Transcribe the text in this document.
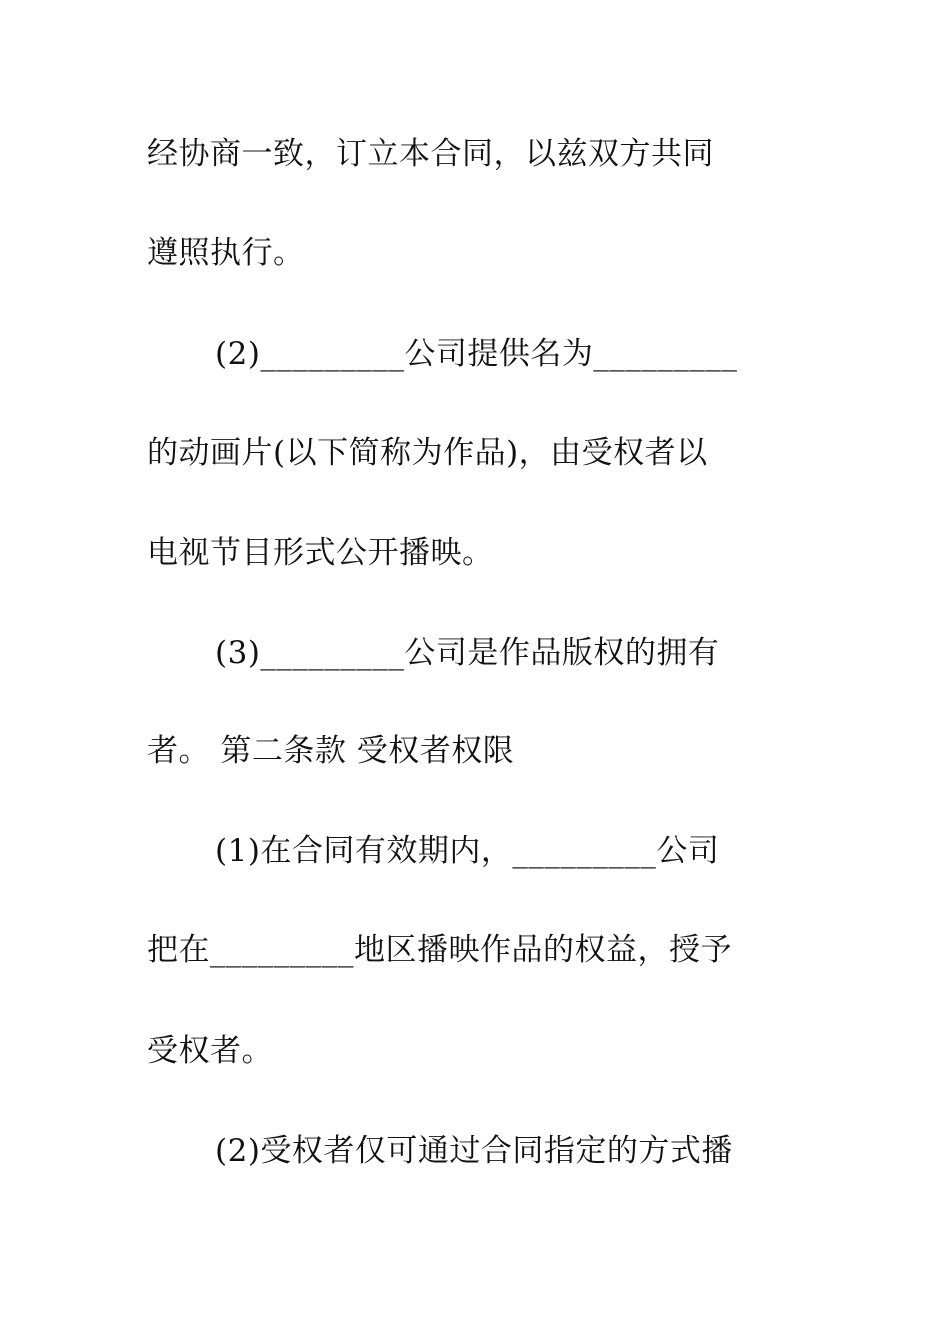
经协商一致，订立本合同，以兹双方共同
遵照执行。
(2)_________公司提供名为_________
的动画片(以下简称为作品)，由受权者以
电视节目形式公开播映。
(3)_________公司是作品版权的拥有
者。 第二条款 受权者权限
(1)在合同有效期内，_________公司
把在_________地区播映作品的权益，授予
受权者。
(2)受权者仅可通过合同指定的方式播
